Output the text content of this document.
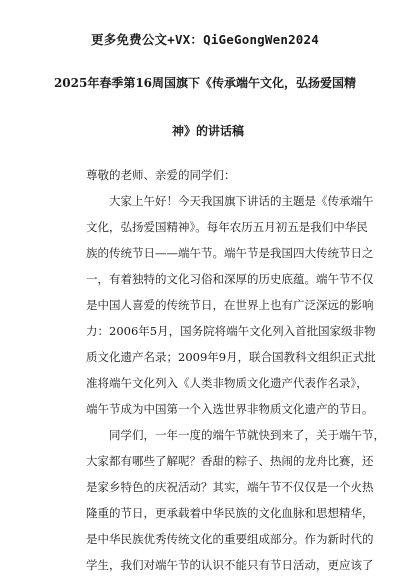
更多免费公文+VX：QiGeGongWen2024
2025年春季第16周国旗下《传承端午文化，弘扬爱国精
神》的讲话稿
尊敬的老师、亲爱的同学们：
大家上午好！今天我国旗下讲话的主题是《传承端午
文化，弘扬爱国精神》。每年农历五月初五是我们中华民
族的传统节日——端午节。端午节是我国四大传统节日之
一，有着独特的文化习俗和深厚的历史底蕴。端午节不仅
是中国人喜爱的传统节日，在世界上也有广泛深远的影响
力：2006年5月，国务院将端午文化列入首批国家级非物
质文化遗产名录；2009年9月，联合国教科文组织正式批
准将端午文化列入《人类非物质文化遗产代表作名录》，
端午节成为中国第一个入选世界非物质文化遗产的节日。
同学们，一年一度的端午节就快到来了，关于端午节，
大家都有哪些了解呢？香甜的粽子、热闹的龙舟比赛，还
是家乡特色的庆祝活动？其实，端午节不仅仅是一个火热
隆重的节日，更承载着中华民族的文化血脉和思想精华，
是中华民族优秀传统文化的重要组成部分。作为新时代的
学生，我们对端午节的认识不能只有节日活动，更应该了
